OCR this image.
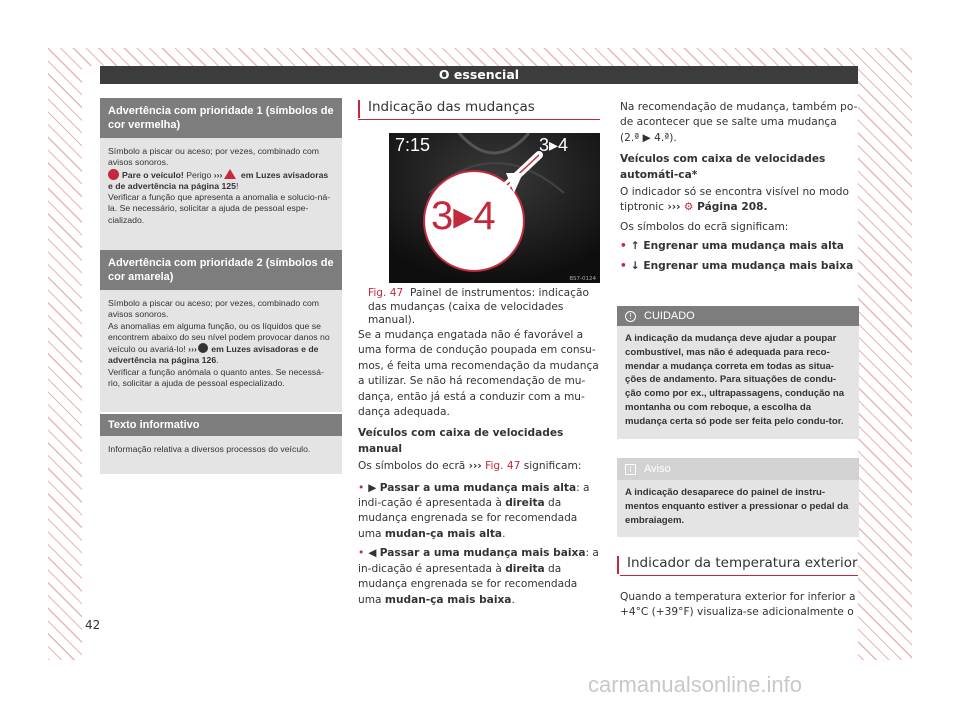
O essencial
Advertência com prioridade 1 (símbolos de cor vermelha)

Símbolo a piscar ou aceso; por vezes, combinado com avisos sonoros.

Pare o veículo! Perigo ››› em Luzes avisadoras e de advertência na página 125!

Verificar a função que apresenta a anomalia e solucio-ná-la. Se necessário, solicitar a ajuda de pessoal espe-cializado.

Advertência com prioridade 2 (símbolos de cor amarela)

Símbolo a piscar ou aceso; por vezes, combinado com avisos sonoros.

As anomalias em alguma função, ou os líquidos que se encontrem abaixo do seu nível podem provocar danos no veículo ou avariá-lo! ››› em Luzes avisadoras e de advertência na página 126.

Verificar a função anómala o quanto antes. Se necessá-rio, solicitar a ajuda de pessoal especializado.

Texto informativo

Informação relativa a diversos processos do veículo.

Indicação das mudanças
7:15	3▸4
3▸4
BS7-0124
Fig. 47 Painel de instrumentos: indicação das mudanças (caixa de velocidades manual).

Se a mudança engatada não é favorável a uma forma de condução poupada em consu-mos, é feita uma recomendação da mudança a utilizar. Se não há recomendação de mu-dança, então já está a conduzir com a mu-dança adequada.

Veículos com caixa de velocidades manual

Os símbolos do ecrã ››› Fig. 47 significam:

• ▶ Passar a uma mudança mais alta: a indi-cação é apresentada à direita da mudança engrenada se for recomendada uma mudan-ça mais alta.

• ◀ Passar a uma mudança mais baixa: a in-dicação é apresentada à direita da mudança engrenada se for recomendada uma mudan-ça mais baixa.

Na recomendação de mudança, também po-de acontecer que se salte uma mudança (2.ª ▶ 4.ª).

Veículos com caixa de velocidades automáti-ca*

O indicador só se encontra visível no modo tiptronic ››› ⚙ Página 208.

Os símbolos do ecrã significam:

• ↑ Engrenar uma mudança mais alta

• ↓ Engrenar uma mudança mais baixa

! CUIDADO
A indicação da mudança deve ajudar a poupar combustível, mas não é adequada para reco-mendar a mudança correta em todas as situa-ções de andamento. Para situações de condu-ção como por ex., ultrapassagens, condução na montanha ou com reboque, a escolha da mudança certa só pode ser feita pelo condu-tor.
i Aviso
A indicação desaparece do painel de instru-mentos enquanto estiver a pressionar o pedal da embraiagem.
Indicador da temperatura exterior
Quando a temperatura exterior for inferior a +4°C (+39°F) visualiza-se adicionalmente o
42
carmanualsonline.info
